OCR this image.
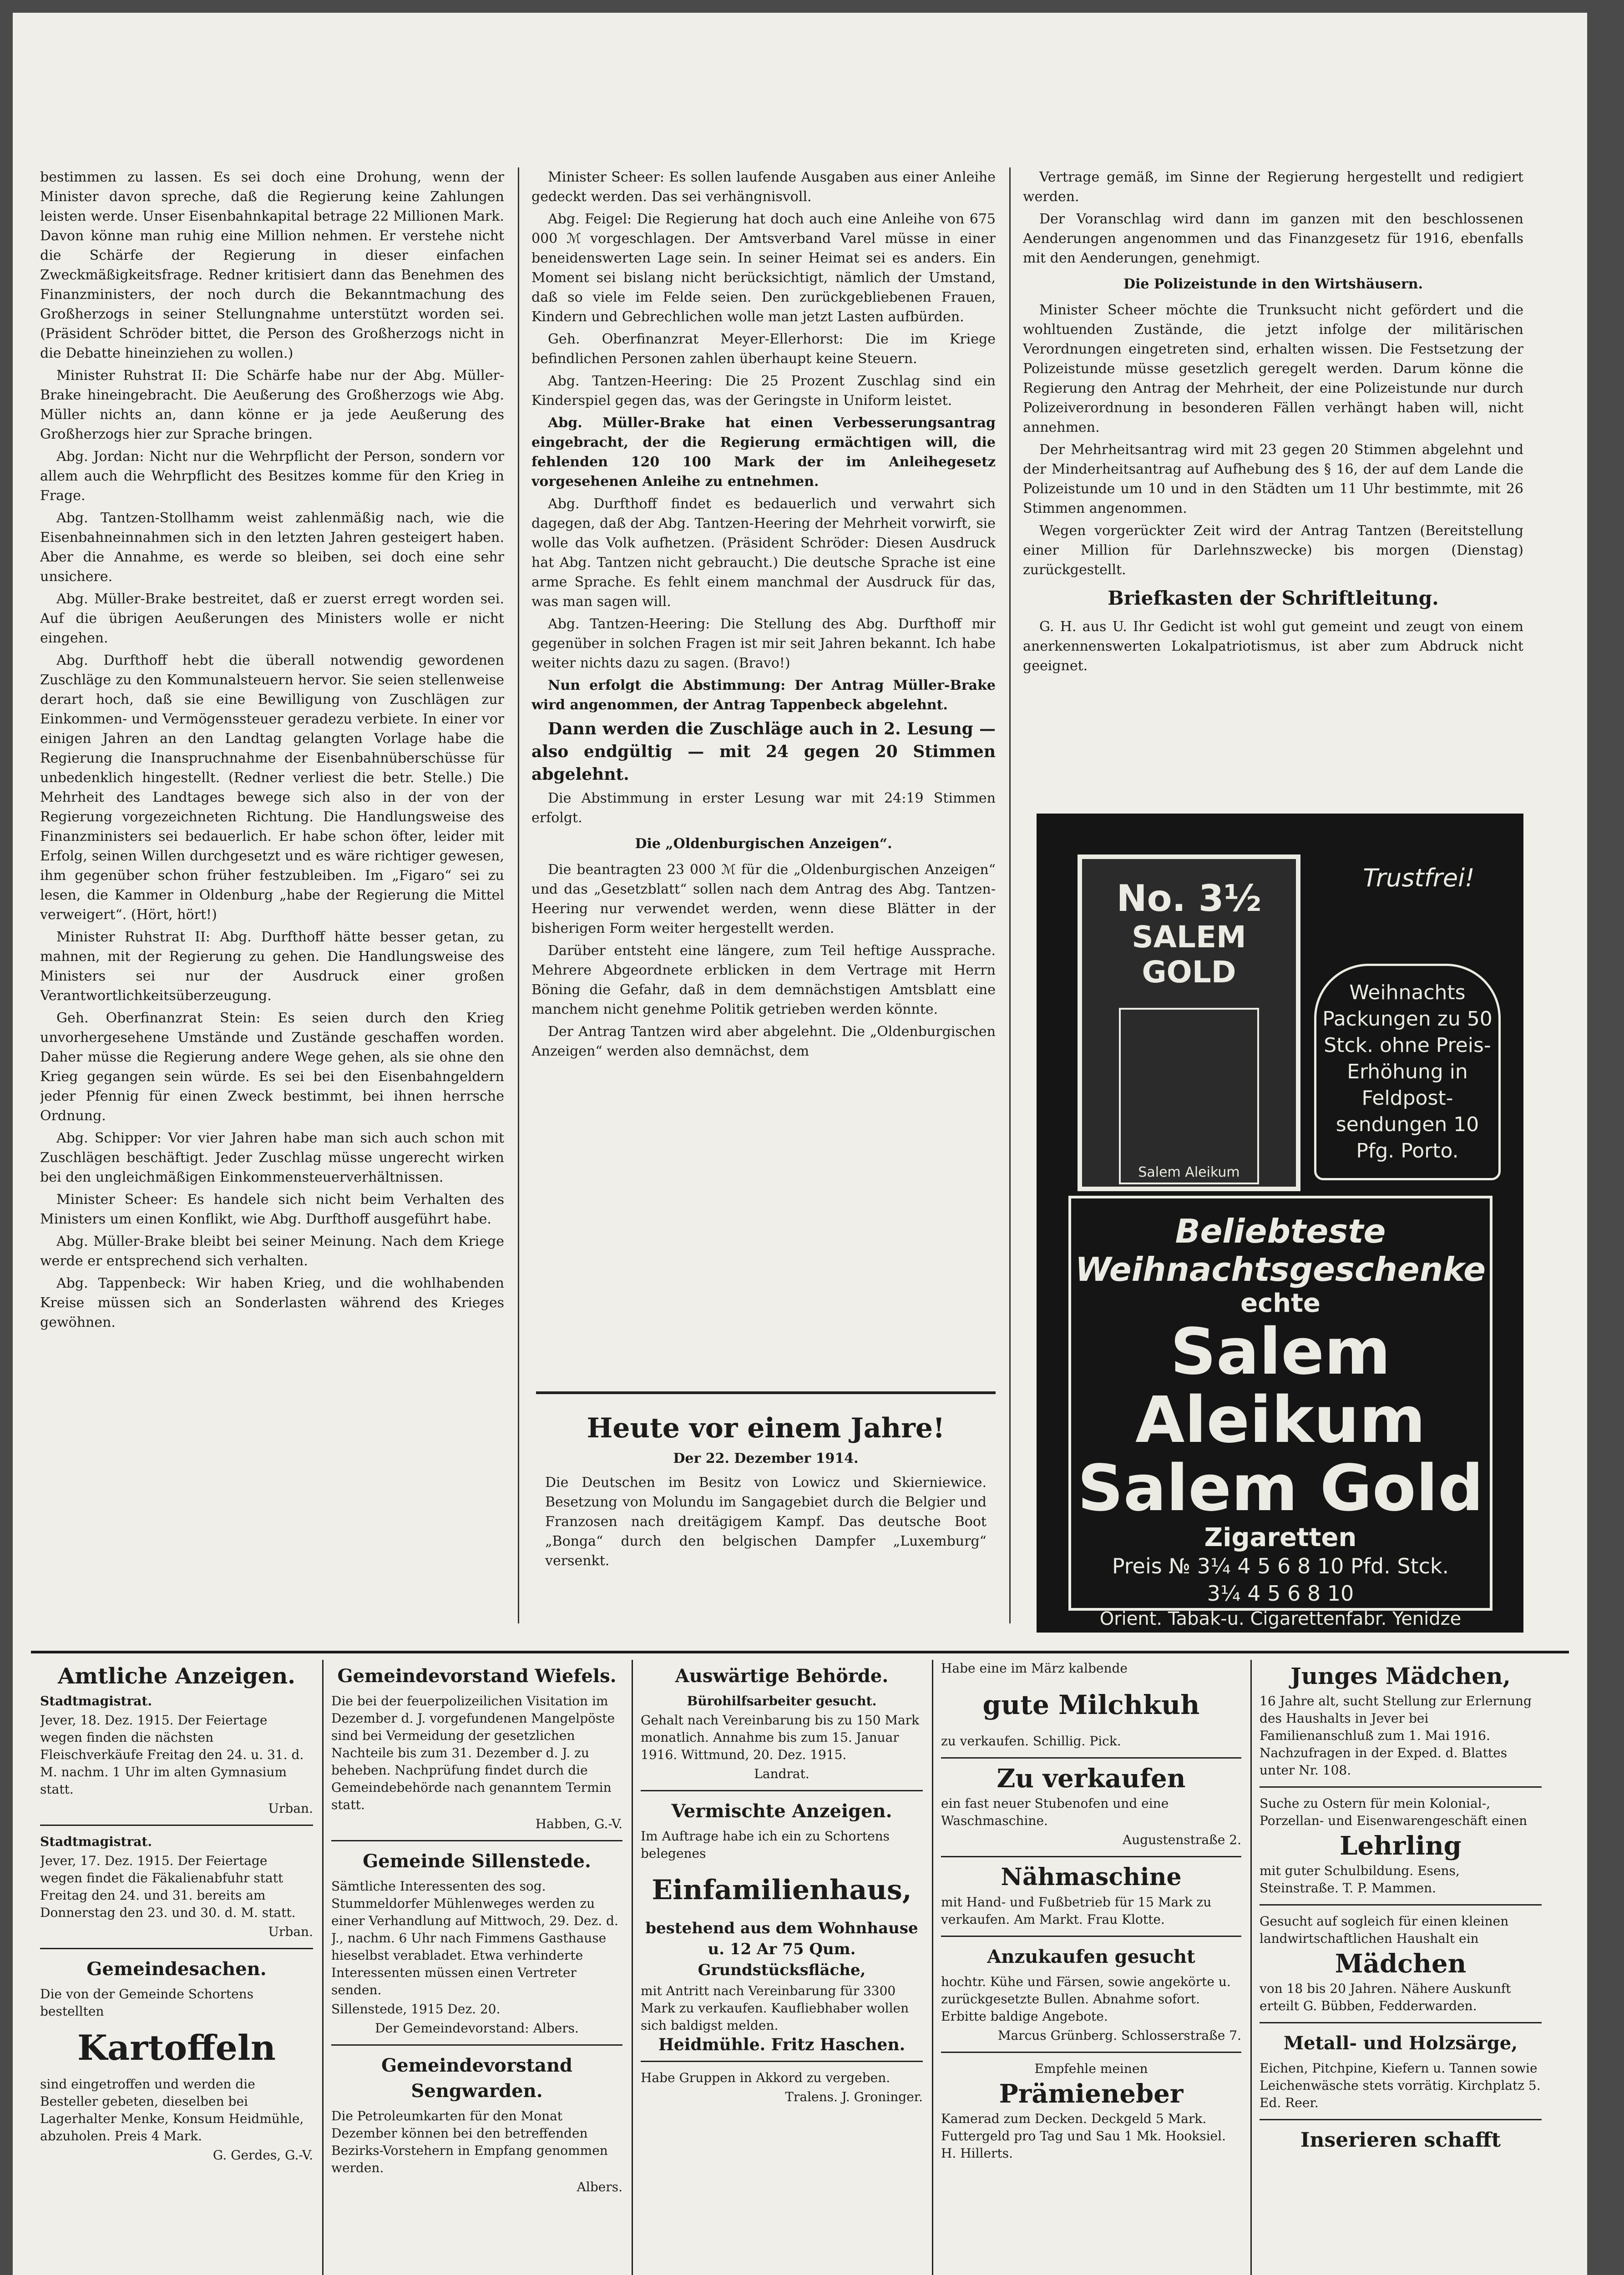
bestimmen zu lassen. Es sei doch eine Drohung, wenn der Minister davon spreche, daß die Regierung keine Zahlungen leisten werde. Unser Eisenbahnkapital betrage 22 Millionen Mark. Davon könne man ruhig eine Million nehmen. Er verstehe nicht die Schärfe der Regierung in dieser einfachen Zweckmäßigkeitsfrage. Redner kritisiert dann das Benehmen des Finanzministers, der noch durch die Bekanntmachung des Großherzogs in seiner Stellungnahme unterstützt worden sei. (Präsident Schröder bittet, die Person des Großherzogs nicht in die Debatte hineinziehen zu wollen.)

Minister Ruhstrat II: Die Schärfe habe nur der Abg. Müller-Brake hineingebracht. Die Aeußerung des Großherzogs wie Abg. Müller nichts an, dann könne er ja jede Aeußerung des Großherzogs hier zur Sprache bringen.

Abg. Jordan: Nicht nur die Wehrpflicht der Person, sondern vor allem auch die Wehrpflicht des Besitzes komme für den Krieg in Frage.

Abg. Tantzen-Stollhamm weist zahlenmäßig nach, wie die Eisenbahneinnahmen sich in den letzten Jahren gesteigert haben. Aber die Annahme, es werde so bleiben, sei doch eine sehr unsichere.

Abg. Müller-Brake bestreitet, daß er zuerst erregt worden sei. Auf die übrigen Aeußerungen des Ministers wolle er nicht eingehen.

Abg. Durfthoff hebt die überall notwendig gewordenen Zuschläge zu den Kommunalsteuern hervor. Sie seien stellenweise derart hoch, daß sie eine Bewilligung von Zuschlägen zur Einkommen- und Vermögenssteuer geradezu verbiete. In einer vor einigen Jahren an den Landtag gelangten Vorlage habe die Regierung die Inanspruchnahme der Eisenbahnüberschüsse für unbedenklich hingestellt. (Redner verliest die betr. Stelle.) Die Mehrheit des Landtages bewege sich also in der von der Regierung vorgezeichneten Richtung. Die Handlungsweise des Finanzministers sei bedauerlich. Er habe schon öfter, leider mit Erfolg, seinen Willen durchgesetzt und es wäre richtiger gewesen, ihm gegenüber schon früher festzubleiben. Im „Figaro“ sei zu lesen, die Kammer in Oldenburg „habe der Regierung die Mittel verweigert“. (Hört, hört!)

Minister Ruhstrat II: Abg. Durfthoff hätte besser getan, zu mahnen, mit der Regierung zu gehen. Die Handlungsweise des Ministers sei nur der Ausdruck einer großen Verantwortlichkeitsüberzeugung.

Geh. Oberfinanzrat Stein: Es seien durch den Krieg unvorhergesehene Umstände und Zustände geschaffen worden. Daher müsse die Regierung andere Wege gehen, als sie ohne den Krieg gegangen sein würde. Es sei bei den Eisenbahngeldern jeder Pfennig für einen Zweck bestimmt, bei ihnen herrsche Ordnung.

Abg. Schipper: Vor vier Jahren habe man sich auch schon mit Zuschlägen beschäftigt. Jeder Zuschlag müsse ungerecht wirken bei den ungleichmäßigen Einkommensteuerverhältnissen.

Minister Scheer: Es handele sich nicht beim Verhalten des Ministers um einen Konflikt, wie Abg. Durfthoff ausgeführt habe.

Abg. Müller-Brake bleibt bei seiner Meinung. Nach dem Kriege werde er entsprechend sich verhalten.

Abg. Tappenbeck: Wir haben Krieg, und die wohlhabenden Kreise müssen sich an Sonderlasten während des Krieges gewöhnen.

Minister Scheer: Es sollen laufende Ausgaben aus einer Anleihe gedeckt werden. Das sei verhängnisvoll.

Abg. Feigel: Die Regierung hat doch auch eine Anleihe von 675 000 ℳ vorgeschlagen. Der Amtsverband Varel müsse in einer beneidenswerten Lage sein. In seiner Heimat sei es anders. Ein Moment sei bislang nicht berücksichtigt, nämlich der Umstand, daß so viele im Felde seien. Den zurückgebliebenen Frauen, Kindern und Gebrechlichen wolle man jetzt Lasten aufbürden.

Geh. Oberfinanzrat Meyer-Ellerhorst: Die im Kriege befindlichen Personen zahlen überhaupt keine Steuern.

Abg. Tantzen-Heering: Die 25 Prozent Zuschlag sind ein Kinderspiel gegen das, was der Geringste in Uniform leistet.

Abg. Müller-Brake hat einen Verbesserungsantrag eingebracht, der die Regierung ermächtigen will, die fehlenden 120 100 Mark der im Anleihegesetz vorgesehenen Anleihe zu entnehmen.

Abg. Durfthoff findet es bedauerlich und verwahrt sich dagegen, daß der Abg. Tantzen-Heering der Mehrheit vorwirft, sie wolle das Volk aufhetzen. (Präsident Schröder: Diesen Ausdruck hat Abg. Tantzen nicht gebraucht.) Die deutsche Sprache ist eine arme Sprache. Es fehlt einem manchmal der Ausdruck für das, was man sagen will.

Abg. Tantzen-Heering: Die Stellung des Abg. Durfthoff mir gegenüber in solchen Fragen ist mir seit Jahren bekannt. Ich habe weiter nichts dazu zu sagen. (Bravo!)

Nun erfolgt die Abstimmung: Der Antrag Müller-Brake wird angenommen, der Antrag Tappenbeck abgelehnt.

Dann werden die Zuschläge auch in 2. Lesung — also endgültig — mit 24 gegen 20 Stimmen abgelehnt.

Die Abstimmung in erster Lesung war mit 24:19 Stimmen erfolgt.

Die „Oldenburgischen Anzeigen“.

Die beantragten 23 000 ℳ für die „Oldenburgischen Anzeigen“ und das „Gesetzblatt“ sollen nach dem Antrag des Abg. Tantzen-Heering nur verwendet werden, wenn diese Blätter in der bisherigen Form weiter hergestellt werden.

Darüber entsteht eine längere, zum Teil heftige Aussprache. Mehrere Abgeordnete erblicken in dem Vertrage mit Herrn Böning die Gefahr, daß in dem demnächstigen Amtsblatt eine manchem nicht genehme Politik getrieben werden könnte.

Der Antrag Tantzen wird aber abgelehnt. Die „Oldenburgischen Anzeigen“ werden also demnächst, dem

Vertrage gemäß, im Sinne der Regierung hergestellt und redigiert werden.

Der Voranschlag wird dann im ganzen mit den beschlossenen Aenderungen angenommen und das Finanzgesetz für 1916, ebenfalls mit den Aenderungen, genehmigt.

Die Polizeistunde in den Wirtshäusern.

Minister Scheer möchte die Trunksucht nicht gefördert und die wohltuenden Zustände, die jetzt infolge der militärischen Verordnungen eingetreten sind, erhalten wissen. Die Festsetzung der Polizeistunde müsse gesetzlich geregelt werden. Darum könne die Regierung den Antrag der Mehrheit, der eine Polizeistunde nur durch Polizeiverordnung in besonderen Fällen verhängt haben will, nicht annehmen.

Der Mehrheitsantrag wird mit 23 gegen 20 Stimmen abgelehnt und der Minderheitsantrag auf Aufhebung des § 16, der auf dem Lande die Polizeistunde um 10 und in den Städten um 11 Uhr bestimmte, mit 26 Stimmen angenommen.

Wegen vorgerückter Zeit wird der Antrag Tantzen (Bereitstellung einer Million für Darlehnszwecke) bis morgen (Dienstag) zurückgestellt.

Briefkasten der Schriftleitung.

G. H. aus U. Ihr Gedicht ist wohl gut gemeint und zeugt von einem anerkennenswerten Lokalpatriotismus, ist aber zum Abdruck nicht geeignet.

No. 3½
SALEM GOLD
Salem Aleikum
Trustfrei!
Weihnachts Packungen zu 50 Stck. ohne Preis-Erhöhung in Feldpost-sendungen 10 Pfg. Porto.
Beliebteste
Weihnachtsgeschenke
echte
Salem Aleikum
Salem Gold
Zigaretten
Preis № 3¼ 4 5 6 8 10 Pfd. Stck.
3¼ 4 5 6 8 10
Orient. Tabak-u. Cigarettenfabr. Yenidze
Heute vor einem Jahre!
Der 22. Dezember 1914.
Die Deutschen im Besitz von Lowicz und Skierniewice. Besetzung von Molundu im Sangagebiet durch die Belgier und Franzosen nach dreitägigem Kampf. Das deutsche Boot „Bonga“ durch den belgischen Dampfer „Luxemburg“ versenkt.
Amtliche Anzeigen.

Stadtmagistrat.

Jever, 18. Dez. 1915. Der Feiertage wegen finden die nächsten Fleischverkäufe Freitag den 24. u. 31. d. M. nachm. 1 Uhr im alten Gymnasium statt.

Urban.

Stadtmagistrat.

Jever, 17. Dez. 1915. Der Feiertage wegen findet die Fäkalienabfuhr statt Freitag den 24. und 31. bereits am Donnerstag den 23. und 30. d. M. statt.

Urban.

Gemeindesachen.

Die von der Gemeinde Schortens bestellten

Kartoffeln

sind eingetroffen und werden die Besteller gebeten, dieselben bei Lagerhalter Menke, Konsum Heidmühle, abzuholen. Preis 4 Mark.

G. Gerdes, G.-V.

Gemeindevorstand Wiefels.

Die bei der feuerpolizeilichen Visitation im Dezember d. J. vorgefundenen Mangelpöste sind bei Vermeidung der gesetzlichen Nachteile bis zum 31. Dezember d. J. zu beheben. Nachprüfung findet durch die Gemeindebehörde nach genanntem Termin statt.

Habben, G.-V.

Gemeinde Sillenstede.

Sämtliche Interessenten des sog. Stummeldorfer Mühlenweges werden zu einer Verhandlung auf Mittwoch, 29. Dez. d. J., nachm. 6 Uhr nach Fimmens Gasthause hieselbst verabladet. Etwa verhinderte Interessenten müssen einen Vertreter senden.

Sillenstede, 1915 Dez. 20.

Der Gemeindevorstand: Albers.

Gemeindevorstand Sengwarden.

Die Petroleumkarten für den Monat Dezember können bei den betreffenden Bezirks-Vorstehern in Empfang genommen werden.

Albers.

Auswärtige Behörde.

Bürohilfsarbeiter gesucht.

Gehalt nach Vereinbarung bis zu 150 Mark monatlich. Annahme bis zum 15. Januar 1916. Wittmund, 20. Dez. 1915.

Landrat.

Vermischte Anzeigen.

Im Auftrage habe ich ein zu Schortens belegenes

Einfamilienhaus,

bestehend aus dem Wohnhause u. 12 Ar 75 Qum. Grundstücksfläche,

mit Antritt nach Vereinbarung für 3300 Mark zu verkaufen. Kaufliebhaber wollen sich baldigst melden.

Heidmühle. Fritz Haschen.

Habe Gruppen in Akkord zu vergeben.

Tralens. J. Groninger.

Habe eine im März kalbende

gute Milchkuh

zu verkaufen. Schillig. Pick.

Zu verkaufen

ein fast neuer Stubenofen und eine Waschmaschine.

Augustenstraße 2.

Nähmaschine

mit Hand- und Fußbetrieb für 15 Mark zu verkaufen. Am Markt. Frau Klotte.

Anzukaufen gesucht

hochtr. Kühe und Färsen, sowie angekörte u. zurückgesetzte Bullen. Abnahme sofort. Erbitte baldige Angebote.

Marcus Grünberg. Schlosserstraße 7.

Empfehle meinen

Prämieneber

Kamerad zum Decken. Deckgeld 5 Mark. Futtergeld pro Tag und Sau 1 Mk. Hooksiel. H. Hillerts.

Junges Mädchen,

16 Jahre alt, sucht Stellung zur Erlernung des Haushalts in Jever bei Familienanschluß zum 1. Mai 1916. Nachzufragen in der Exped. d. Blattes unter Nr. 108.

Suche zu Ostern für mein Kolonial-, Porzellan- und Eisenwarengeschäft einen

Lehrling

mit guter Schulbildung. Esens, Steinstraße. T. P. Mammen.

Gesucht auf sogleich für einen kleinen landwirtschaftlichen Haushalt ein

Mädchen

von 18 bis 20 Jahren. Nähere Auskunft erteilt G. Bübben, Fedderwarden.

Metall- und Holzsärge,

Eichen, Pitchpine, Kiefern u. Tannen sowie Leichenwäsche stets vorrätig. Kirchplatz 5. Ed. Reer.

Inserieren schafft
